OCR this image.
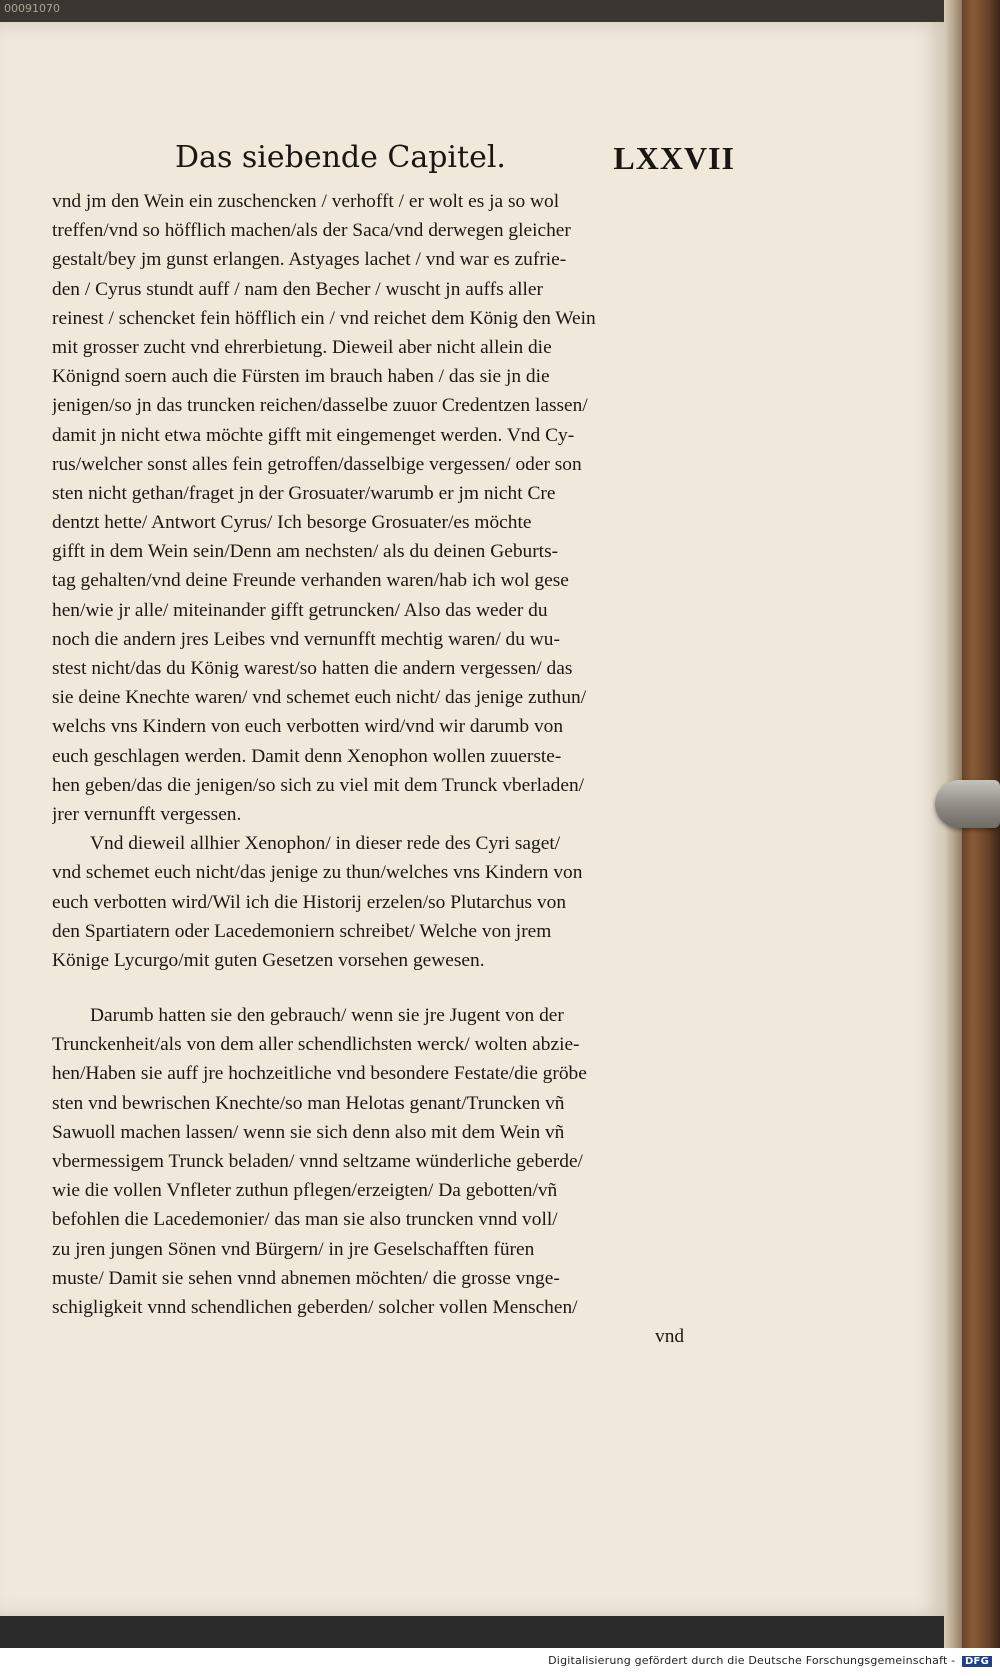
00091070
Das siebende Capitel.	LXXVII
vnd jm den Wein ein zuschencken / verhofft / er wolt es ja so wol
treffen/vnd so höfflich machen/als der Saca/vnd derwegen gleicher
gestalt/bey jm gunst erlangen. Astyages lachet / vnd war es zufrie-
den / Cyrus stundt auff / nam den Becher / wuscht jn auffs aller
reinest / schencket fein höfflich ein / vnd reichet dem König den Wein
mit grosser zucht vnd ehrerbietung. Dieweil aber nicht allein die
Könignd soern auch die Fürsten im brauch haben / das sie jn die
jenigen/so jn das truncken reichen/dasselbe zuuor Credentzen lassen/
damit jn nicht etwa möchte gifft mit eingemenget werden. Vnd Cy-
rus/welcher sonst alles fein getroffen/dasselbige vergessen/ oder son
sten nicht gethan/fraget jn der Grosuater/warumb er jm nicht Cre
dentzt hette/ Antwort Cyrus/ Ich besorge Grosuater/es möchte
gifft in dem Wein sein/Denn am nechsten/ als du deinen Geburts-
tag gehalten/vnd deine Freunde verhanden waren/hab ich wol gese
hen/wie jr alle/ miteinander gifft getruncken/ Also das weder du
noch die andern jres Leibes vnd vernunfft mechtig waren/ du wu-
stest nicht/das du König warest/so hatten die andern vergessen/ das
sie deine Knechte waren/ vnd schemet euch nicht/ das jenige zuthun/
welchs vns Kindern von euch verbotten wird/vnd wir darumb von
euch geschlagen werden. Damit denn Xenophon wollen zuuerste-
hen geben/das die jenigen/so sich zu viel mit dem Trunck vberladen/
jrer vernunfft vergessen.
Vnd dieweil allhier Xenophon/ in dieser rede des Cyri saget/
vnd schemet euch nicht/das jenige zu thun/welches vns Kindern von
euch verbotten wird/Wil ich die Historij erzelen/so Plutarchus von
den Spartiatern oder Lacedemoniern schreibet/ Welche von jrem
Könige Lycurgo/mit guten Gesetzen vorsehen gewesen.
Darumb hatten sie den gebrauch/ wenn sie jre Jugent von der
Trunckenheit/als von dem aller schendlichsten werck/ wolten abzie-
hen/Haben sie auff jre hochzeitliche vnd besondere Festate/die gröbe
sten vnd bewrischen Knechte/so man Helotas genant/Truncken vñ
Sawuoll machen lassen/ wenn sie sich denn also mit dem Wein vñ
vbermessigem Trunck beladen/ vnnd seltzame wünderliche geberde/
wie die vollen Vnfleter zuthun pflegen/erzeigten/ Da gebotten/vñ
befohlen die Lacedemonier/ das man sie also truncken vnnd voll/
zu jren jungen Sönen vnd Bürgern/ in jre Geselschafften füren
muste/ Damit sie sehen vnnd abnemen möchten/ die grosse vnge-
schigligkeit vnnd schendlichen geberden/ solcher vollen Menschen/
vnd
Digitalisierung gefördert durch die Deutsche Forschungsgemeinschaft - DFG
